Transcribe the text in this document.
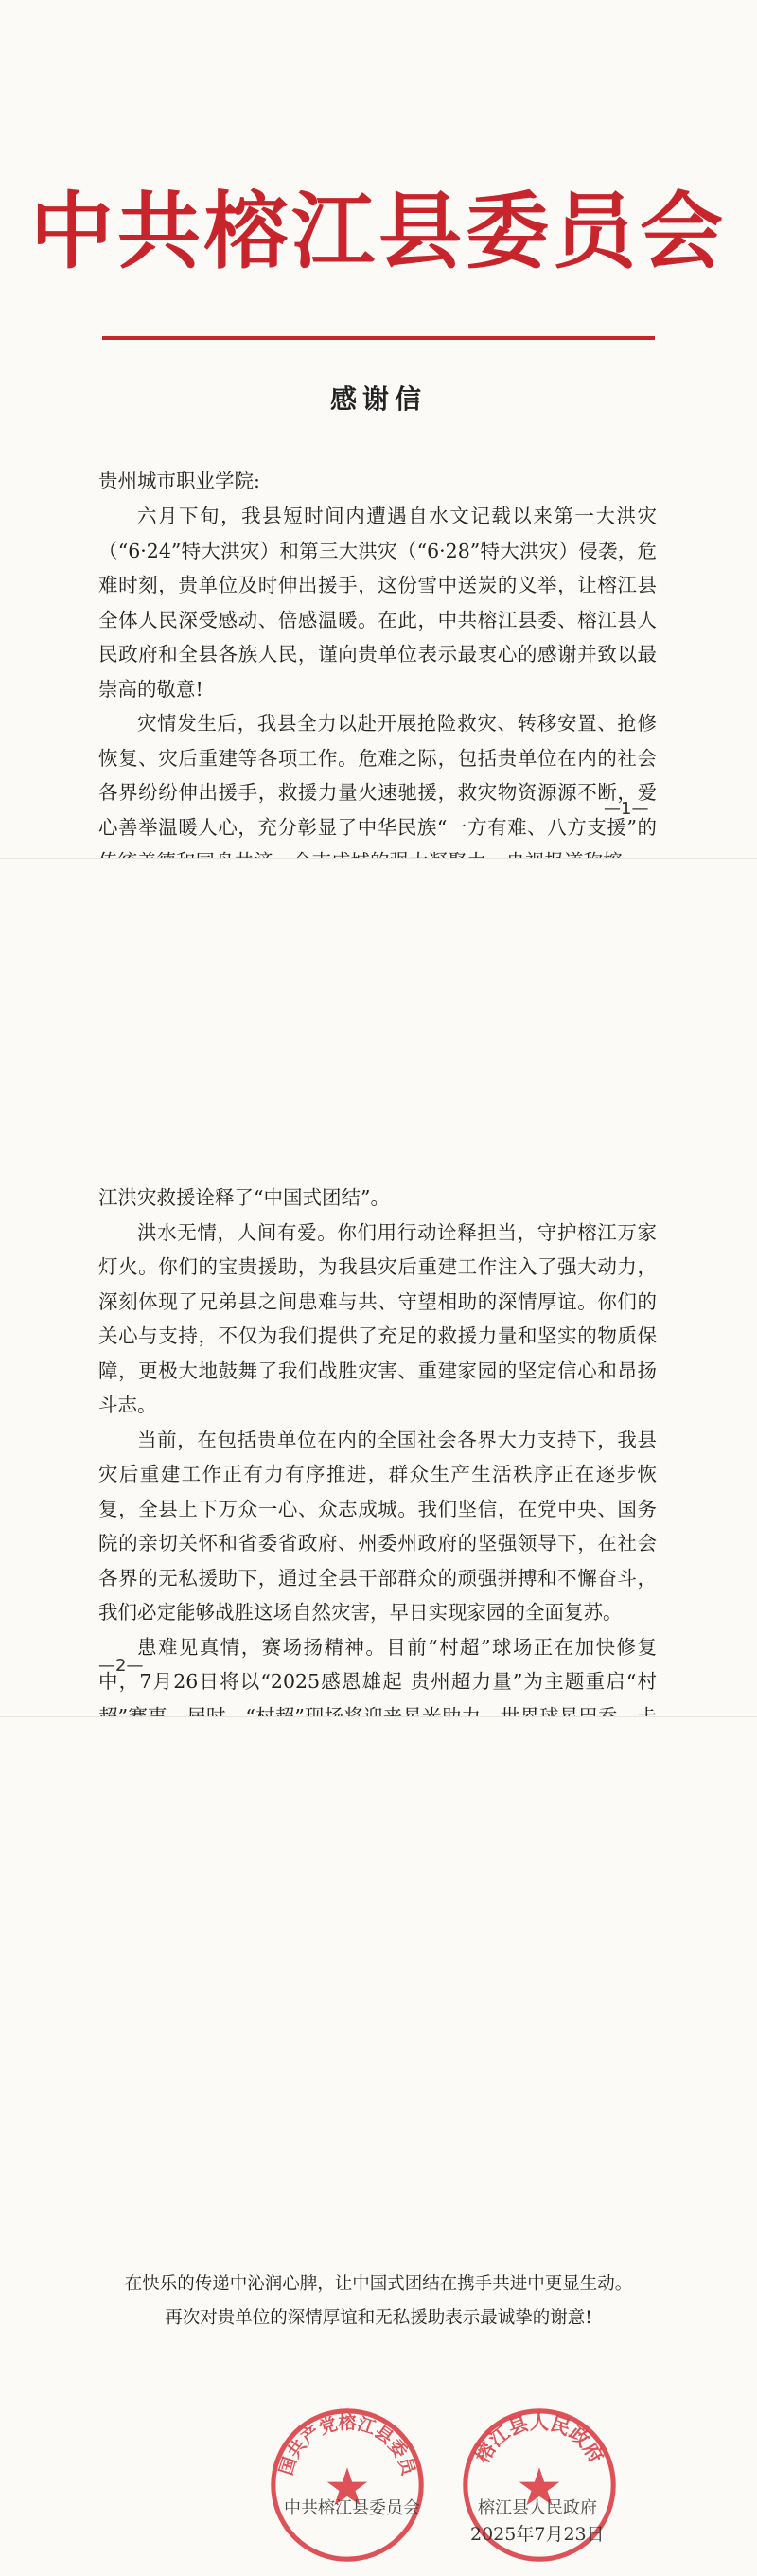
中共榕江县委员会
感谢信
贵州城市职业学院:

六月下旬，我县短时间内遭遇自水文记载以来第一大洪灾（“6·24”特大洪灾）和第三大洪灾（“6·28”特大洪灾）侵袭，危难时刻，贵单位及时伸出援手，这份雪中送炭的义举，让榕江县全体人民深受感动、倍感温暖。在此，中共榕江县委、榕江县人民政府和全县各族人民，谨向贵单位表示最衷心的感谢并致以最崇高的敬意!

灾情发生后，我县全力以赴开展抢险救灾、转移安置、抢修恢复、灾后重建等各项工作。危难之际，包括贵单位在内的社会各界纷纷伸出援手，救援力量火速驰援，救灾物资源源不断，爱心善举温暖人心，充分彰显了中华民族“一方有难、八方支援”的

—1—

江洪灾救援诠释了“中国式团结”。

洪水无情，人间有爱。你们用行动诠释担当，守护榕江万家灯火。你们的宝贵援助，为我县灾后重建工作注入了强大动力，深刻体现了兄弟县之间患难与共、守望相助的深情厚谊。你们的关心与支持，不仅为我们提供了充足的救援力量和坚实的物质保障，更极大地鼓舞了我们战胜灾害、重建家园的坚定信心和昂扬斗志。

当前，在包括贵单位在内的全国社会各界大力支持下，我县灾后重建工作正有力有序推进，群众生产生活秩序正在逐步恢复，全县上下万众一心、众志成城。我们坚信，在党中央、国务院的亲切关怀和省委省政府、州委州政府的坚强领导下，在社会各界的无私援助下，通过全县干部群众的顽强拼搏和不懈奋斗，我们必定能够战胜这场自然灾害，早日实现家园的全面复苏。

患难见真情，赛场扬精神。目前“村超”球场正在加快修复中，7月26日将以“2025感恩雄起 贵州超力量”为主题重启“村

—2—
在快乐的传递中沁润心脾，让中国式团结在携手共进中更显生动。
再次对贵单位的深情厚谊和无私援助表示最诚挚的谢意!
国共产党榕江县委员 榕江县人民政府
中共榕江县委员会	榕江县人民政府
2025年7月23日
